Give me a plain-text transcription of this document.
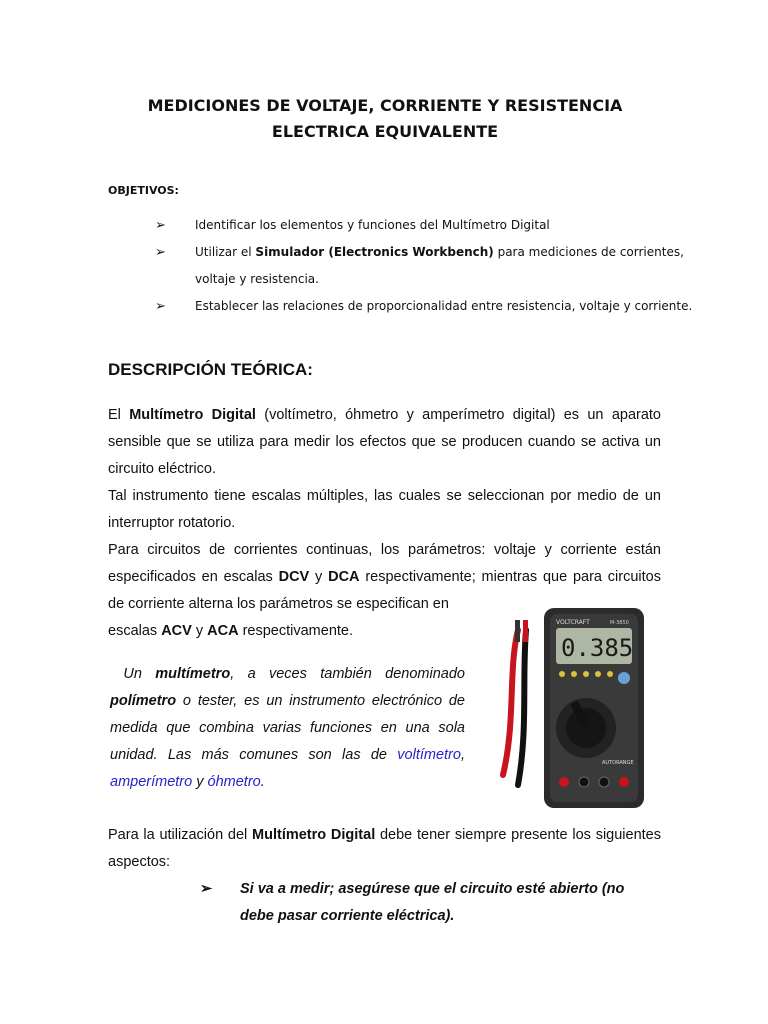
MEDICIONES DE VOLTAJE, CORRIENTE Y RESISTENCIA ELECTRICA EQUIVALENTE

OBJETIVOS:

➢ Identificar los elementos y funciones del Multímetro Digital
➢ Utilizar el Simulador (Electronics Workbench) para mediciones de corrientes, voltaje y resistencia.
➢ Establecer las relaciones de proporcionalidad entre resistencia, voltaje y corriente.
DESCRIPCIÓN TEÓRICA:

El Multímetro Digital (voltímetro, óhmetro y amperímetro digital) es un aparato sensible que se utiliza para medir los efectos que se producen cuando se activa un circuito eléctrico.

Tal instrumento tiene escalas múltiples, las cuales se seleccionan por medio de un interruptor rotatorio.

Para circuitos de corrientes continuas, los parámetros: voltaje y corriente están especificados en escalas DCV y DCA respectivamente; mientras que para circuitos de corriente alterna los parámetros se especifican en

escalas ACV y ACA respectivamente.

Un multímetro, a veces también denominado polímetro o tester, es un instrumento electrónico de medida que combina varias funciones en una sola unidad. Las más comunes son las de voltímetro, amperímetro y óhmetro.

VOLTCRAFT	M-3850
0.385
AUTORANGE

Para la utilización del Multímetro Digital debe tener siempre presente los siguientes aspectos:

➢	Si va a medir; asegúrese que el circuito esté abierto (no debe pasar corriente eléctrica).
